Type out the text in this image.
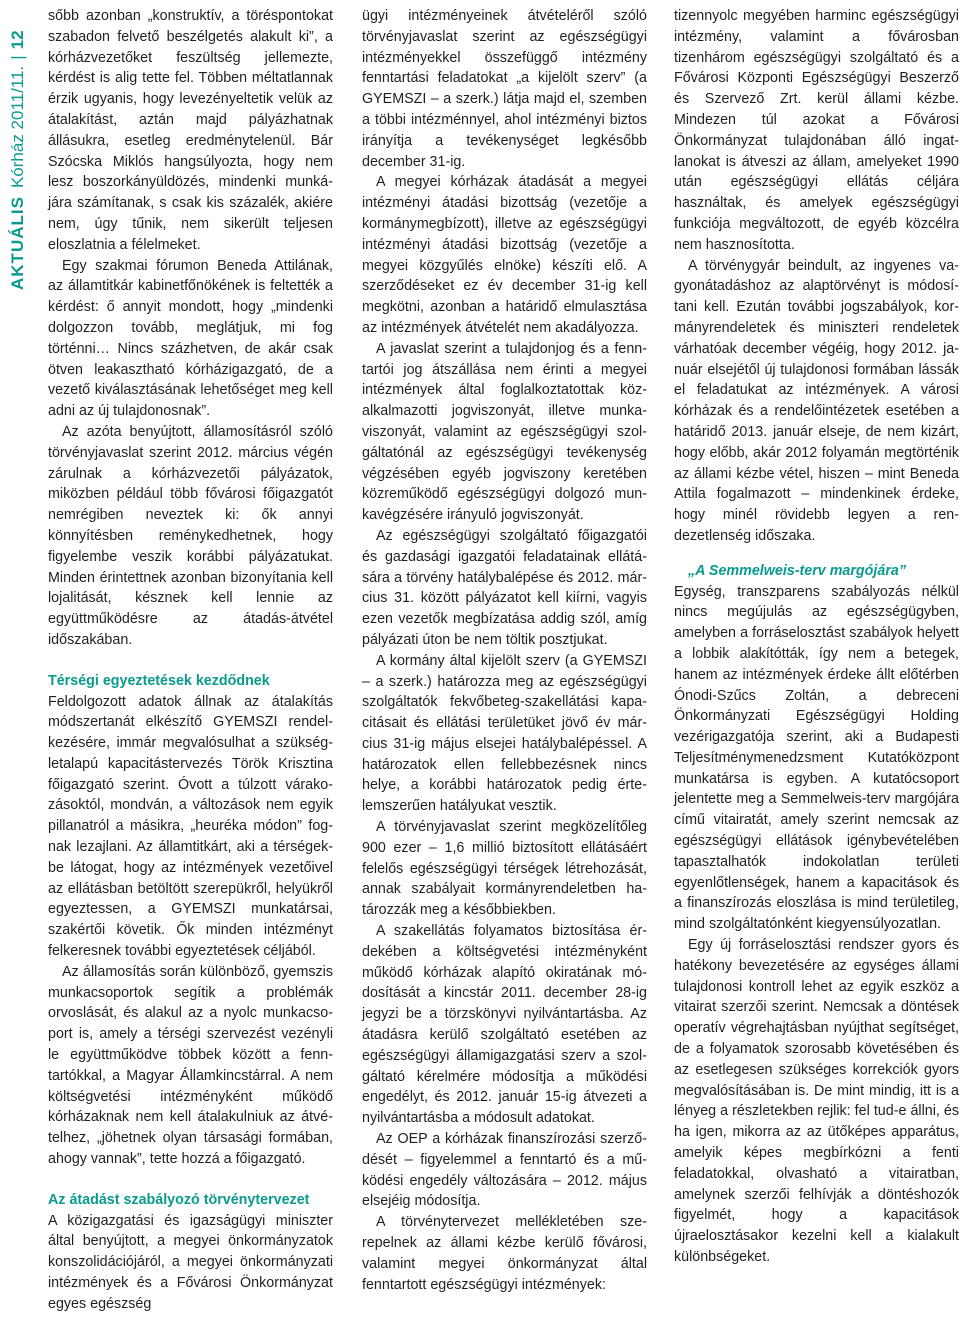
AKTUÁLISKórház 2011/11.|12

sőbb azonban „konstruktív, a töréspontokat szabadon felvető beszélgetés alakult ki”, a kórházvezetőket feszültség jellemezte, kérdést is alig tette fel. Többen méltatlannak érzik ugyanis, hogy levezényeltetik velük az átalakítást, aztán majd pályázhatnak állásukra, esetleg eredménytelenül. Bár Szócska Miklós hangsúlyozta, hogy nem lesz boszorkányüldözés, mindenki munkájára számítanak, s csak kis százalék, akiére nem, úgy tűnik, nem sikerült teljesen eloszlatnia a félelmeket.

Egy szakmai fórumon Beneda Attilának, az államtitkár kabinetfőnökének is feltették a kérdést: ő annyit mondott, hogy „mindenki dolgozzon tovább, meglátjuk, mi fog történni… Nincs százhetven, de akár csak ötven leakasztható kórházigazgató, de a vezető kiválasztásának lehetőséget meg kell adni az új tulajdonosnak”.

Az azóta benyújtott, államosításról szóló törvényjavaslat szerint 2012. március végén zárulnak a kórházvezetői pályázatok, miközben például több fővárosi főigazgatót nemrégiben neveztek ki: ők annyi könnyítésben reménykedhetnek, hogy figyelembe veszik korábbi pályázatukat. Minden érintettnek azonban bizonyítania kell lojalitását, késznek kell lennie az együttműködésre az átadás-átvétel időszakában.

Térségi egyeztetések kezdődnek

Feldolgozott adatok állnak az átalakítás módszertanát elkészítő GYEMSZI rendelkezésére, immár megvalósulhat a szükségletalapú kapacitástervezés Török Krisztina főigazgató szerint. Óvott a túlzott várakozásoktól, mondván, a változások nem egyik pillanatról a másikra, „heuréka módon” fognak lezajlani. Az államtitkárt, aki a térségekbe látogat, hogy az intézmények vezetőivel az ellátásban betöltött szerepükről, helyükről egyeztessen, a GYEMSZI munkatársai, szakértői követik. Ők minden intézményt felkeresnek további egyeztetések céljából.

Az államosítás során különböző, gyemszis munkacsoportok segítik a problémák orvoslását, és alakul az a nyolc munkacsoport is, amely a térségi szervezést vezényli le együttműködve többek között a fenntartókkal, a Magyar Államkincstárral. A nem költségvetési intézményként működő kórházaknak nem kell átalakulniuk az átvételhez, „jöhetnek olyan társasági formában, ahogy vannak”, tette hozzá a főigazgató.

Az átadást szabályozó törvénytervezet

A közigazgatási és igazságügyi miniszter által benyújtott, a megyei önkormányzatok konszolidációjáról, a megyei önkormányzati intézmények és a Fővárosi Önkormányzat egyes egészség

ügyi intézményeinek átvételéről szóló törvényjavaslat szerint az egészségügyi intézményekkel összefüggő intézmény fenntartási feladatokat „a kijelölt szerv” (a GYEMSZI – a szerk.) látja majd el, szemben a többi intézménnyel, ahol intézményi biztos irányítja a tevékenységet legkésőbb december 31-ig.

A megyei kórházak átadását a megyei intézményi átadási bizottság (vezetője a kormánymegbízott), illetve az egészségügyi intézményi átadási bizottság (vezetője a megyei közgyűlés elnöke) készíti elő. A szerződéseket ez év december 31-ig kell megkötni, azonban a határidő elmulasztása az intézmények átvételét nem akadályozza.

A javaslat szerint a tulajdonjog és a fenntartói jog átszállása nem érinti a megyei intézmények által foglalkoztatottak közalkalmazotti jogviszonyát, illetve munkaviszonyát, valamint az egészségügyi szolgáltatónál az egészségügyi tevékenység végzésében egyéb jogviszony keretében közreműködő egészségügyi dolgozó munkavégzésére irányuló jogviszonyát.

Az egészségügyi szolgáltató főigazgatói és gazdasági igazgatói feladatainak ellátására a törvény hatálybalépése és 2012. március 31. között pályázatot kell kiírni, vagyis ezen vezetők megbízatása addig szól, amíg pályázati úton be nem töltik posztjukat.

A kormány által kijelölt szerv (a GYEMSZI – a szerk.) határozza meg az egészségügyi szolgáltatók fekvőbeteg-szakellátási kapacitásait és ellátási területüket jövő év március 31-ig május elsejei hatálybalépéssel. A határozatok ellen fellebbezésnek nincs helye, a korábbi határozatok pedig értelemszerűen hatályukat vesztik.

A törvényjavaslat szerint megközelítőleg 900 ezer – 1,6 millió biztosított ellátásáért felelős egészségügyi térségek létrehozását, annak szabályait kormányrendeletben határozzák meg a későbbiekben.

A szakellátás folyamatos biztosítása érdekében a költségvetési intézményként működő kórházak alapító okiratának módosítását a kincstár 2011. december 28-ig jegyzi be a törzskönyvi nyilvántartásba. Az átadásra kerülő szolgáltató esetében az egészségügyi államigazgatási szerv a szolgáltató kérelmére módosítja a működési engedélyt, és 2012. január 15-ig átvezeti a nyilvántartásba a módosult adatokat.

Az OEP a kórházak finanszírozási szerződését – figyelemmel a fenntartó és a működési engedély változására – 2012. május elsejéig módosítja.

A törvénytervezet mellékletében szerepelnek az állami kézbe kerülő fővárosi, valamint megyei önkormányzat által fenntartott egészségügyi intézmények:

tizennyolc megyében harminc egészségügyi intézmény, valamint a fővárosban tizenhárom egészségügyi szolgáltató és a Fővárosi Központi Egészségügyi Beszerző és Szervező Zrt. kerül állami kézbe. Mindezen túl azokat a Fővárosi Önkormányzat tulajdonában álló ingatlanokat is átveszi az állam, amelyeket 1990 után egészségügyi ellátás céljára használtak, és amelyek egészségügyi funkciója megváltozott, de egyéb közcélra nem hasznosította.

A törvénygyár beindult, az ingyenes vagyonátadáshoz az alaptörvényt is módosítani kell. Ezután további jogszabályok, kormányrendeletek és miniszteri rendeletek várhatóak december végéig, hogy 2012. január elsejétől új tulajdonosi formában lássák el feladatukat az intézmények. A városi kórházak és a rendelőintézetek esetében a határidő 2013. január elseje, de nem kizárt, hogy előbb, akár 2012 folyamán megtörténik az állami kézbe vétel, hiszen – mint Beneda Attila fogalmazott – mindenkinek érdeke, hogy minél rövidebb legyen a rendezetlenség időszaka.

„A Semmelweis-terv margójára”

Egység, transzparens szabályozás nélkül nincs megújulás az egészségügyben, amelyben a forráselosztást szabályok helyett a lobbik alakítótták, így nem a betegek, hanem az intézmények érdeke állt előtérben Ónodi-Szűcs Zoltán, a debreceni Önkormányzati Egészségügyi Holding vezérigazgatója szerint, aki a Budapesti Teljesítménymenedzsment Kutatóközpont munkatársa is egyben. A kutatócsoport jelentette meg a Semmelweis-terv margójára című vitairatát, amely szerint nemcsak az egészségügyi ellátások igénybevételében tapasztalhatók indokolatlan területi egyenlőtlenségek, hanem a kapacitások és a finanszírozás eloszlása is mind területileg, mind szolgáltatónként kiegyensúlyozatlan.

Egy új forráselosztási rendszer gyors és hatékony bevezetésére az egységes állami tulajdonosi kontroll lehet az egyik eszköz a vitairat szerzői szerint. Nemcsak a döntések operatív végrehajtásban nyújthat segítséget, de a folyamatok szorosabb követésében és az esetlegesen szükséges korrekciók gyors megvalósításában is. De mint mindig, itt is a lényeg a részletekben rejlik: fel tud-e állni, és ha igen, mikorra az az ütőképes apparátus, amelyik képes megbírkózni a fenti feladatokkal, olvasható a vitairatban, amelynek szerzői felhívják a döntéshozók figyelmét, hogy a kapacitások újraelosztásakor kezelni kell a kialakult különbségeket.
